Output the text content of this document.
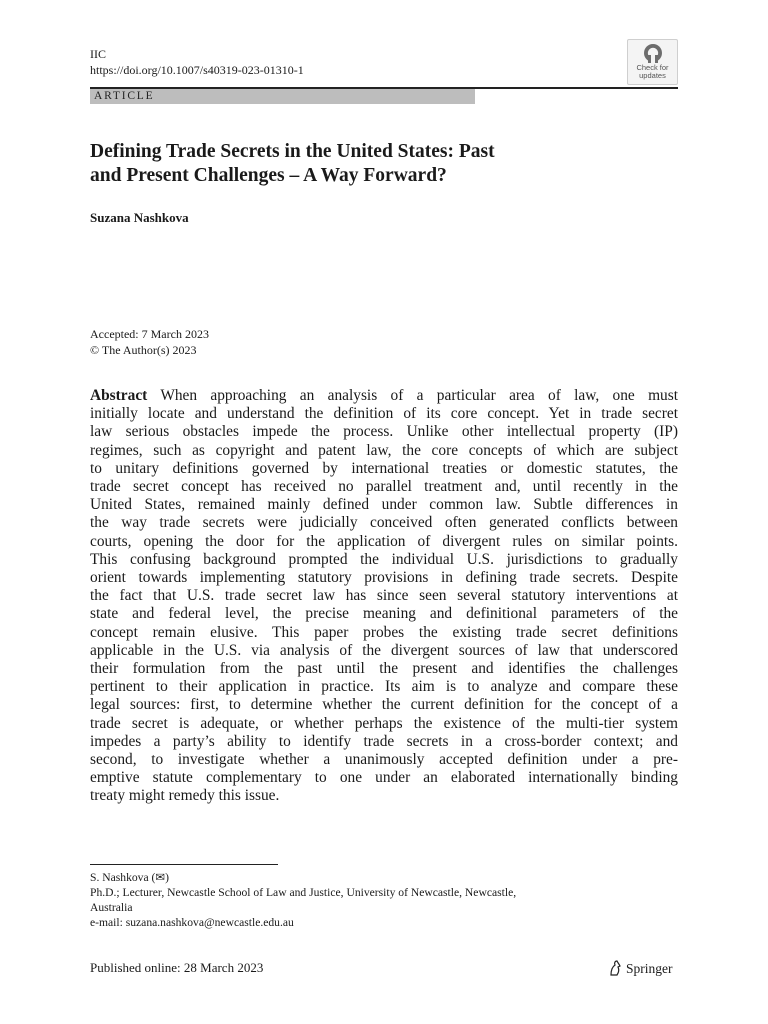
IIC
https://doi.org/10.1007/s40319-023-01310-1	Check for
updates
ARTICLE
Defining Trade Secrets in the United States: Past
and Present Challenges – A Way Forward?
Suzana Nashkova
Accepted: 7 March 2023
© The Author(s) 2023
Abstract When approaching an analysis of a particular area of law, one must
initially locate and understand the definition of its core concept. Yet in trade secret
law serious obstacles impede the process. Unlike other intellectual property (IP)
regimes, such as copyright and patent law, the core concepts of which are subject
to unitary definitions governed by international treaties or domestic statutes, the
trade secret concept has received no parallel treatment and, until recently in the
United States, remained mainly defined under common law. Subtle differences in
the way trade secrets were judicially conceived often generated conflicts between
courts, opening the door for the application of divergent rules on similar points.
This confusing background prompted the individual U.S. jurisdictions to gradually
orient towards implementing statutory provisions in defining trade secrets. Despite
the fact that U.S. trade secret law has since seen several statutory interventions at
state and federal level, the precise meaning and definitional parameters of the
concept remain elusive. This paper probes the existing trade secret definitions
applicable in the U.S. via analysis of the divergent sources of law that underscored
their formulation from the past until the present and identifies the challenges
pertinent to their application in practice. Its aim is to analyze and compare these
legal sources: first, to determine whether the current definition for the concept of a
trade secret is adequate, or whether perhaps the existence of the multi-tier system
impedes a party’s ability to identify trade secrets in a cross-border context; and
second, to investigate whether a unanimously accepted definition under a pre-
emptive statute complementary to one under an elaborated internationally binding
treaty might remedy this issue.
S. Nashkova (✉)
Ph.D.; Lecturer, Newcastle School of Law and Justice, University of Newcastle, Newcastle,
Australia
e-mail: suzana.nashkova@newcastle.edu.au
Published online: 28 March 2023	Springer
